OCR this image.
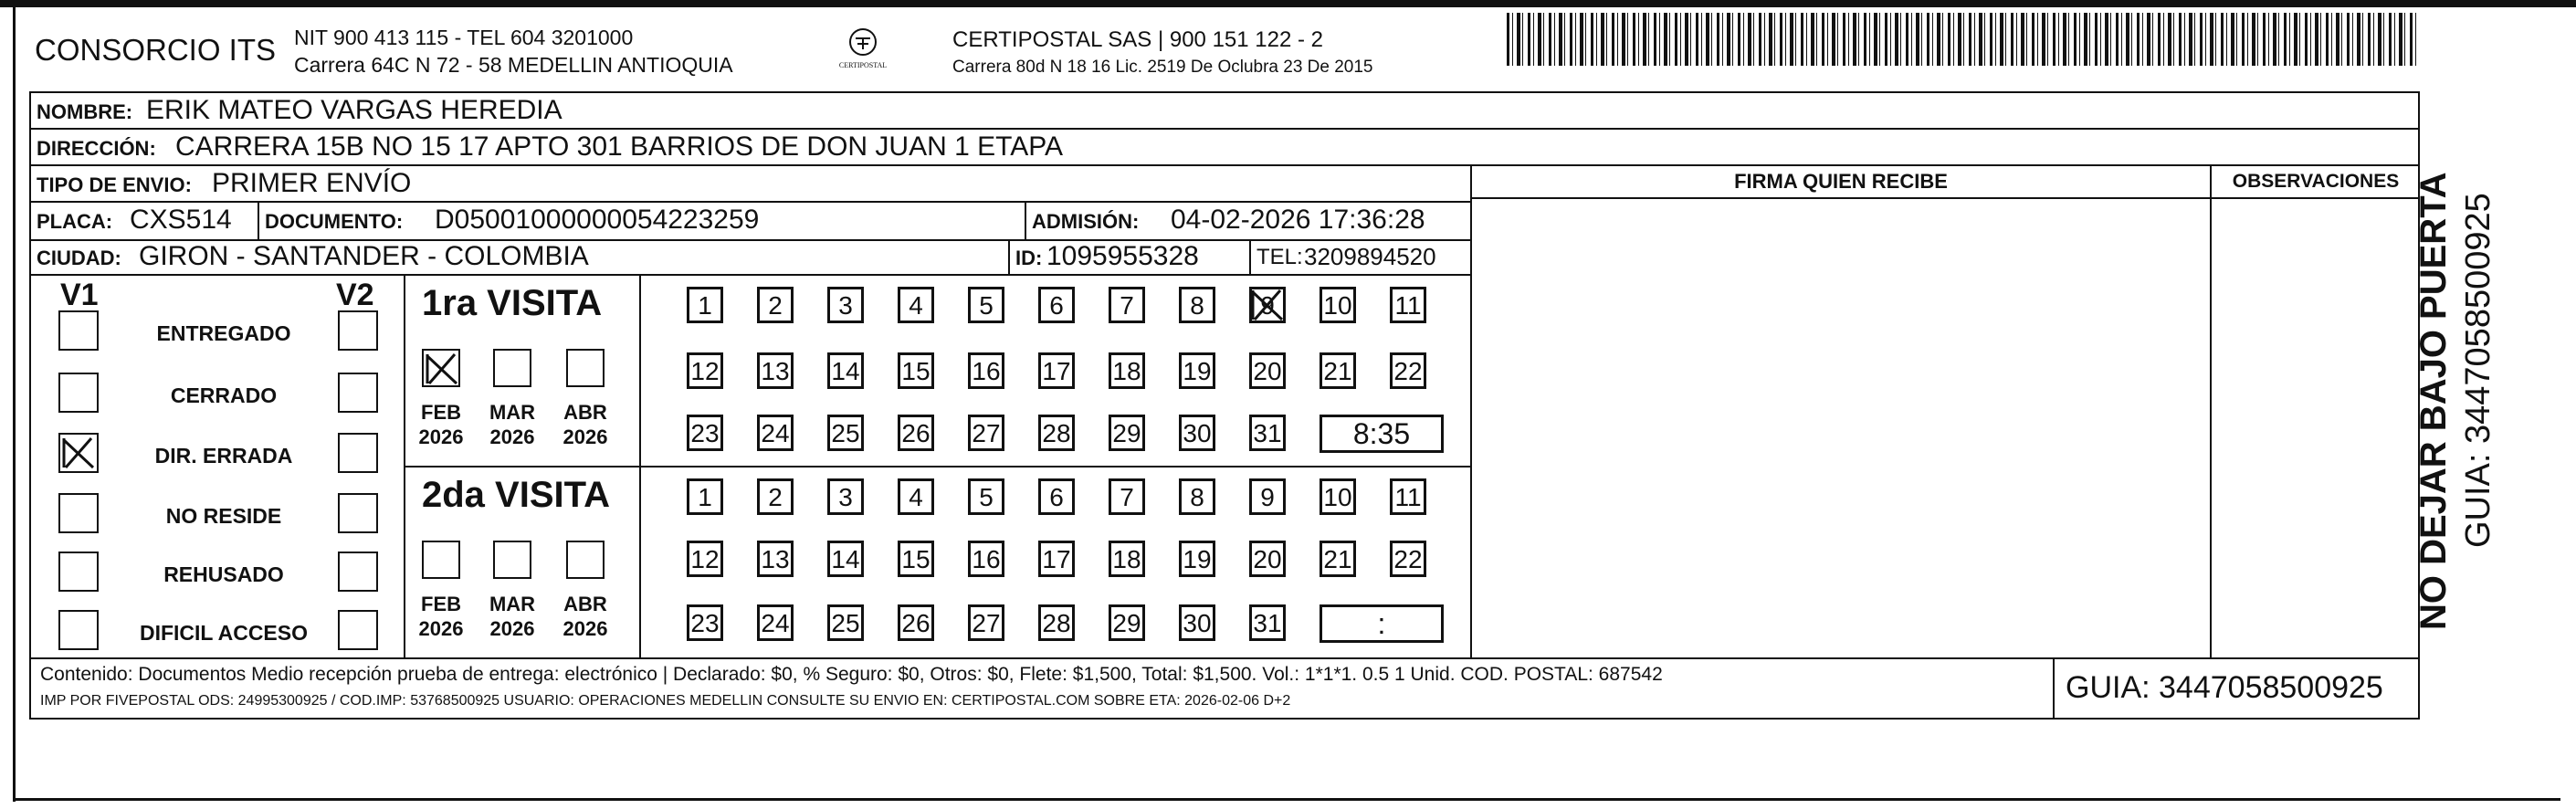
CONSORCIO ITS NIT 900 413 115 - TEL 604 3201000
Carrera 64C N 72 - 58 MEDELLIN ANTIOQUIA	CERTIPOSTAL
CERTIPOSTAL SAS | 900 151 122 - 2
Carrera 80d N 18 16 Lic. 2519 De Oclubra 23 De 2015
FIRMA QUIEN RECIBE	OBSERVACIONES
NOMBRE: ERIK MATEO VARGAS HEREDIA
DIRECCIÓN: CARRERA 15B NO 15 17 APTO 301 BARRIOS DE DON JUAN 1 ETAPA
TIPO DE ENVIO: PRIMER ENVÍO
PLACA: CXS514 DOCUMENTO: D05001000000054223259	ADMISIÓN: 04-02-2026 17:36:28
CIUDAD: GIRON - SANTANDER - COLOMBIA	ID: 1095955328	TEL: 3209894520
V1	V2
ENTREGADO
CERRADO
DIR. ERRADA
NO RESIDE
REHUSADO
DIFICIL ACCESO
1ra VISITA
2da VISITA
FEB
2026
MAR
2026
ABR
2026
FEB
2026
MAR
2026
ABR
2026
1	2	3	4	5	6	7	8	9	10 11
12 13 14 15 16 17 18 19 20 21 22
23 24 25 26 27 28 29 30 31	8:35
1	2	3	4	5	6	7	8	9	10 11
12 13 14 15 16 17 18 19 20 21 22
23 24 25 26 27 28 29 30 31	:
Contenido: Documentos Medio recepción prueba de entrega: electrónico | Declarado: $0, % Seguro: $0, Otros: $0, Flete: $1,500, Total: $1,500. Vol.: 1*1*1. 0.5 1 Unid. COD. POSTAL: 687542
IMP POR FIVEPOSTAL ODS: 24995300925 / COD.IMP: 53768500925 USUARIO: OPERACIONES MEDELLIN CONSULTE SU ENVIO EN: CERTIPOSTAL.COM SOBRE ETA: 2026-02-06 D+2	GUIA: 3447058500925
NO DEJAR BAJO PUERTA GUIA: 3447058500925
